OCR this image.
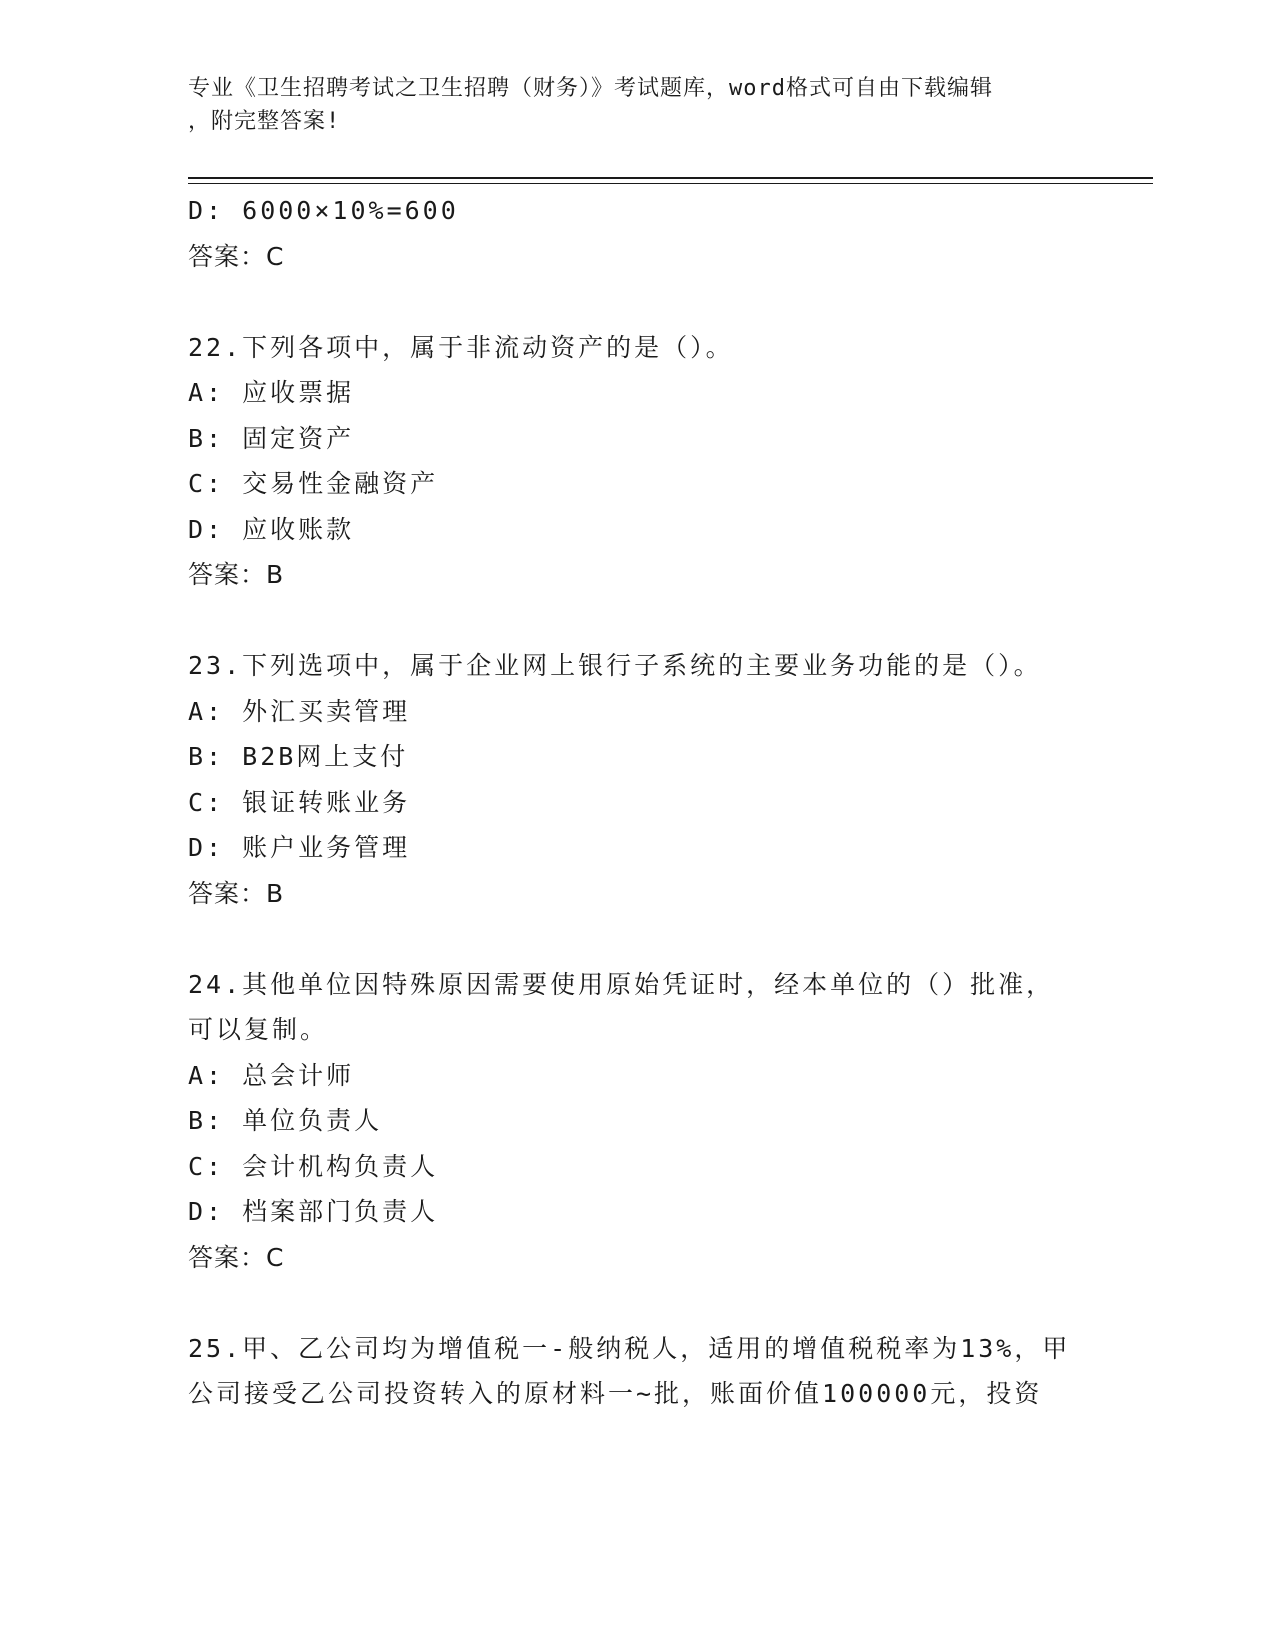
专业《卫生招聘考试之卫生招聘（财务）》考试题库，word格式可自由下载编辑
，附完整答案!
D: 6000×10%=600
答案：C
22.下列各项中，属于非流动资产的是（）。
A: 应收票据
B: 固定资产
C: 交易性金融资产
D: 应收账款
答案：B
23.下列选项中，属于企业网上银行子系统的主要业务功能的是（）。
A: 外汇买卖管理
B: B2B网上支付
C: 银证转账业务
D: 账户业务管理
答案：B
24.其他单位因特殊原因需要使用原始凭证时，经本单位的（）批准，
可以复制。
A: 总会计师
B: 单位负责人
C: 会计机构负责人
D: 档案部门负责人
答案：C
25.甲、乙公司均为增值税一-般纳税人，适用的增值税税率为13%，甲
公司接受乙公司投资转入的原材料一~批，账面价值100000元，投资
